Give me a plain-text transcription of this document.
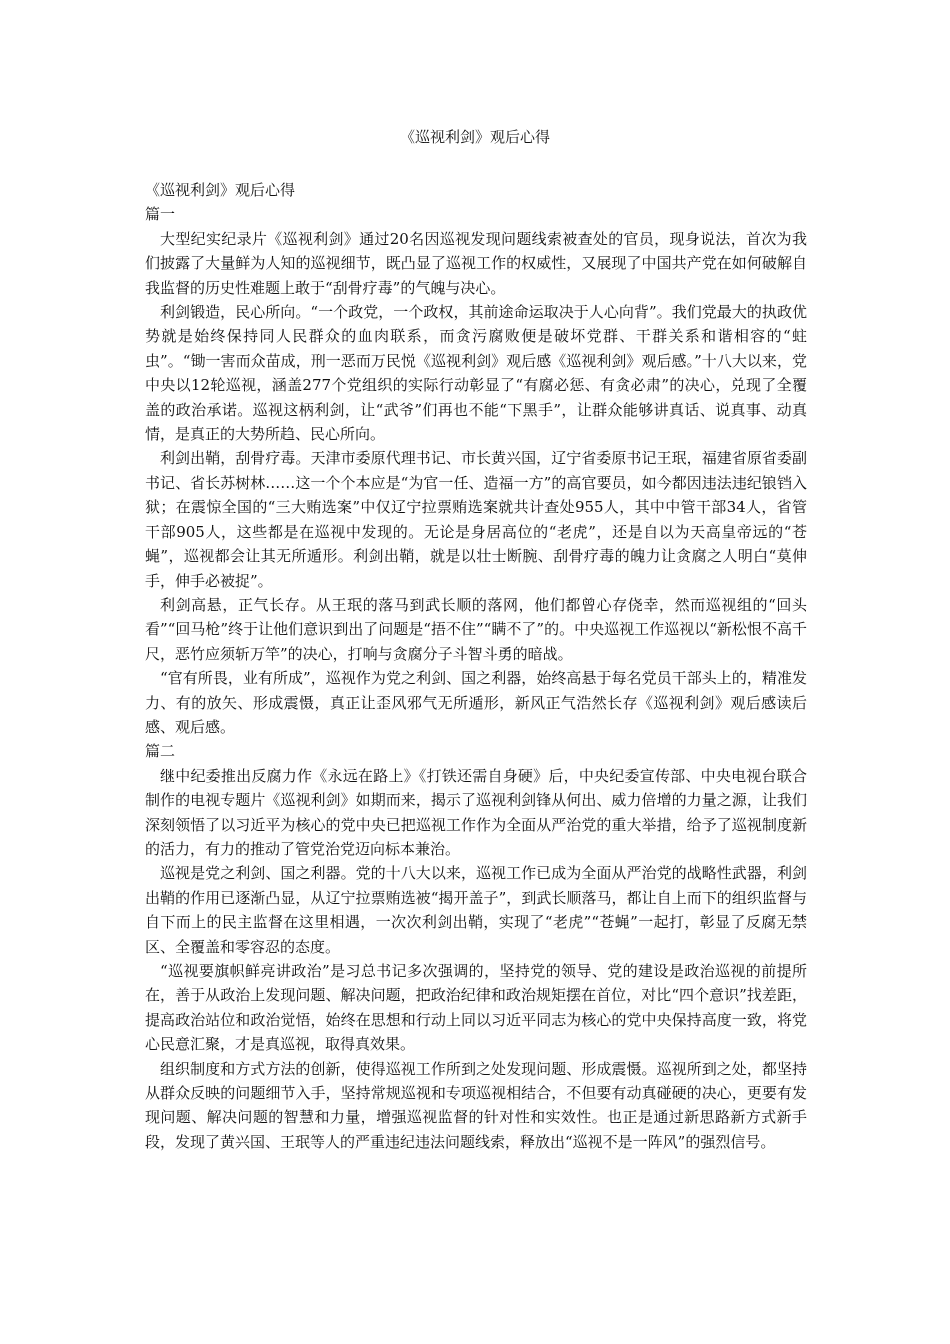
《巡视利剑》观后心得

《巡视利剑》观后心得

篇一

大型纪实纪录片《巡视利剑》通过20名因巡视发现问题线索被查处的官员，现身说法，首次为我们披露了大量鲜为人知的巡视细节，既凸显了巡视工作的权威性，又展现了中国共产党在如何破解自我监督的历史性难题上敢于“刮骨疗毒”的气魄与决心。

利剑锻造，民心所向。“一个政党，一个政权，其前途命运取决于人心向背”。我们党最大的执政优势就是始终保持同人民群众的血肉联系，而贪污腐败便是破坏党群、干群关系和谐相容的“蛀虫”。“锄一害而众苗成，刑一恶而万民悦《巡视利剑》观后感《巡视利剑》观后感。”十八大以来，党中央以12轮巡视，涵盖277个党组织的实际行动彰显了“有腐必惩、有贪必肃”的决心，兑现了全覆盖的政治承诺。巡视这柄利剑，让“武爷”们再也不能“下黑手”，让群众能够讲真话、说真事、动真情，是真正的大势所趋、民心所向。

利剑出鞘，刮骨疗毒。天津市委原代理书记、市长黄兴国，辽宁省委原书记王珉，福建省原省委副书记、省长苏树林……这一个个本应是“为官一任、造福一方”的高官要员，如今都因违法违纪锒铛入狱；在震惊全国的“三大贿选案”中仅辽宁拉票贿选案就共计查处955人，其中中管干部34人，省管干部905人，这些都是在巡视中发现的。无论是身居高位的“老虎”，还是自以为天高皇帝远的“苍蝇”，巡视都会让其无所遁形。利剑出鞘，就是以壮士断腕、刮骨疗毒的魄力让贪腐之人明白“莫伸手，伸手必被捉”。

利剑高悬，正气长存。从王珉的落马到武长顺的落网，他们都曾心存侥幸，然而巡视组的“回头看”“回马枪”终于让他们意识到出了问题是“捂不住”“瞒不了”的。中央巡视工作巡视以“新松恨不高千尺，恶竹应须斩万竿”的决心，打响与贪腐分子斗智斗勇的暗战。

“官有所畏，业有所成”，巡视作为党之利剑、国之利器，始终高悬于每名党员干部头上的，精准发力、有的放矢、形成震慑，真正让歪风邪气无所遁形，新风正气浩然长存《巡视利剑》观后感读后感、观后感。

篇二

继中纪委推出反腐力作《永远在路上》《打铁还需自身硬》后，中央纪委宣传部、中央电视台联合制作的电视专题片《巡视利剑》如期而来，揭示了巡视利剑锋从何出、威力倍增的力量之源，让我们深刻领悟了以习近平为核心的党中央已把巡视工作作为全面从严治党的重大举措，给予了巡视制度新的活力，有力的推动了管党治党迈向标本兼治。

巡视是党之利剑、国之利器。党的十八大以来，巡视工作已成为全面从严治党的战略性武器，利剑出鞘的作用已逐渐凸显，从辽宁拉票贿选被“揭开盖子”，到武长顺落马，都让自上而下的组织监督与自下而上的民主监督在这里相遇，一次次利剑出鞘，实现了“老虎”“苍蝇”一起打，彰显了反腐无禁区、全覆盖和零容忍的态度。

“巡视要旗帜鲜亮讲政治”是习总书记多次强调的，坚持党的领导、党的建设是政治巡视的前提所在，善于从政治上发现问题、解决问题，把政治纪律和政治规矩摆在首位，对比“四个意识”找差距，提高政治站位和政治觉悟，始终在思想和行动上同以习近平同志为核心的党中央保持高度一致，将党心民意汇聚，才是真巡视，取得真效果。

组织制度和方式方法的创新，使得巡视工作所到之处发现问题、形成震慑。巡视所到之处，都坚持从群众反映的问题细节入手，坚持常规巡视和专项巡视相结合，不但要有动真碰硬的决心，更要有发现问题、解决问题的智慧和力量，增强巡视监督的针对性和实效性。也正是通过新思路新方式新手段，发现了黄兴国、王珉等人的严重违纪违法问题线索，释放出“巡视不是一阵风”的强烈信号。
